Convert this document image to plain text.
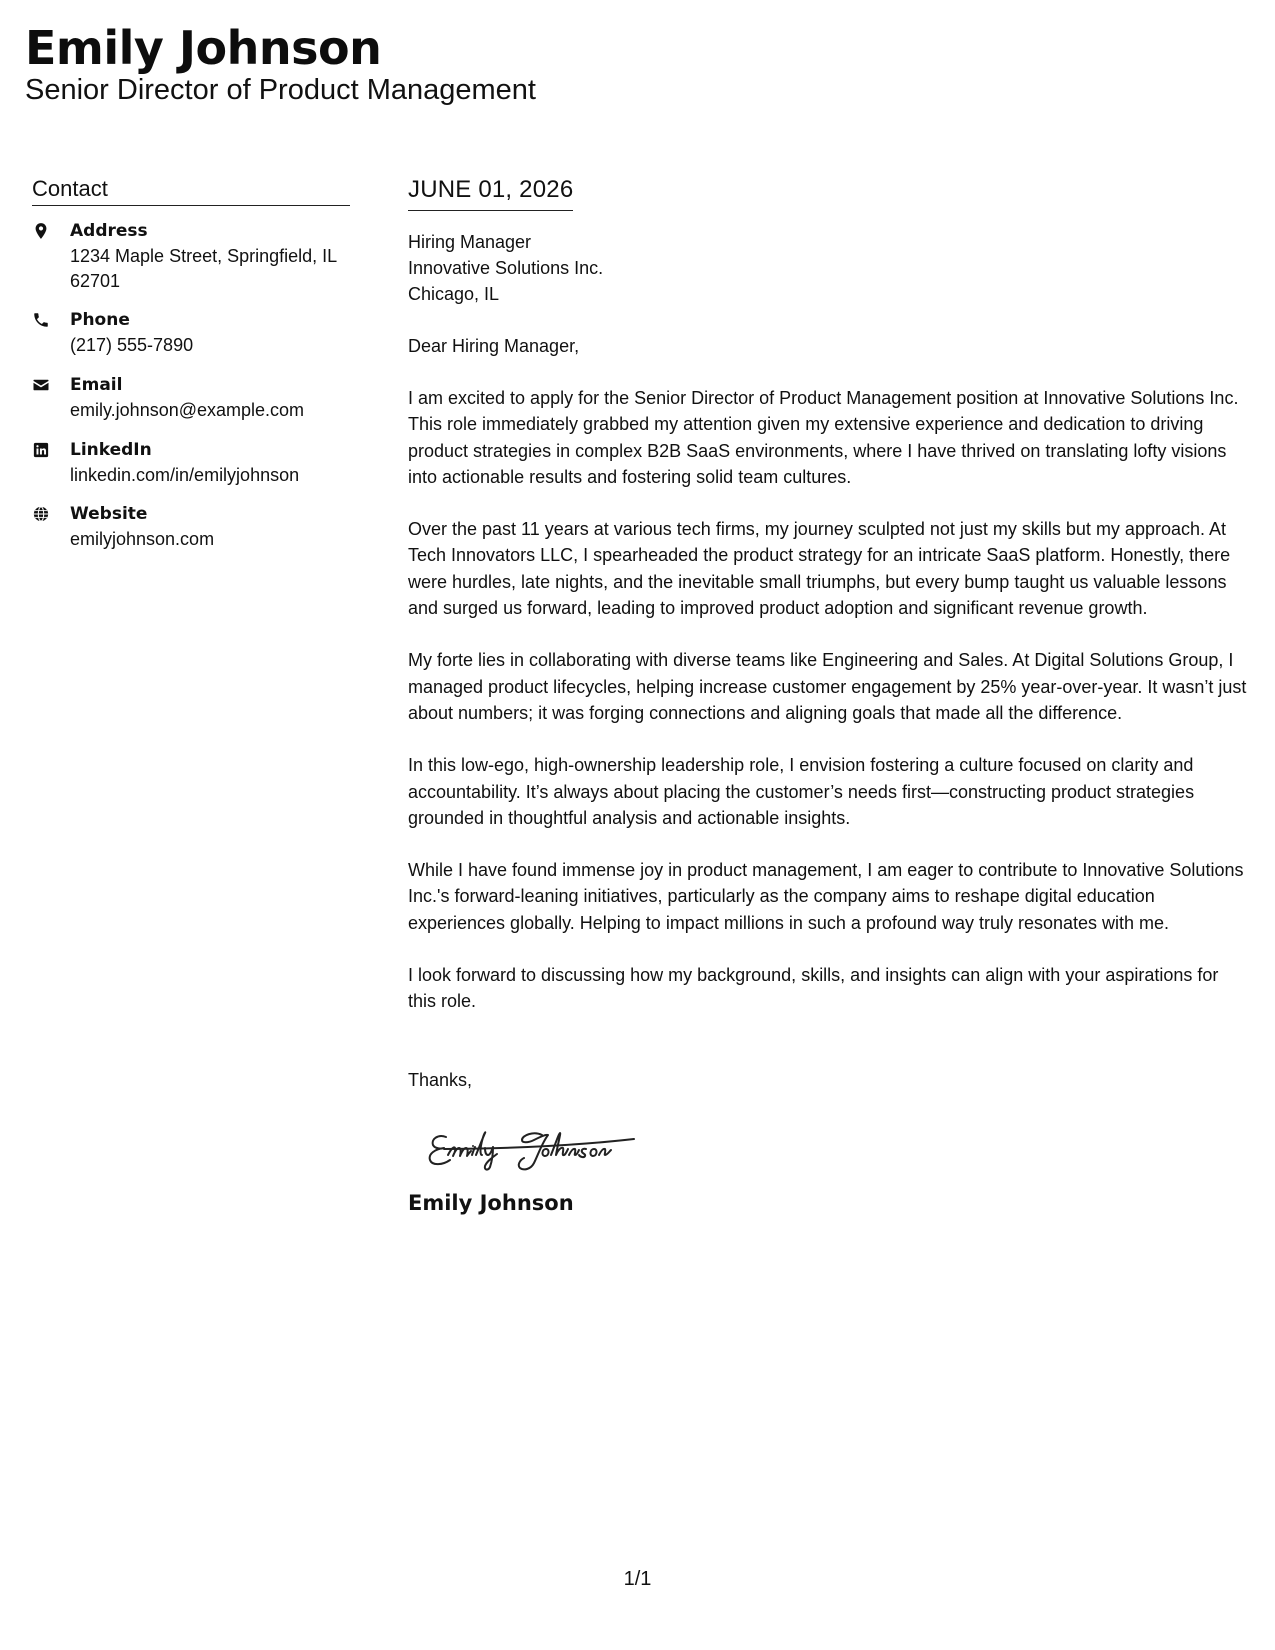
Emily Johnson
Senior Director of Product Management
Contact
Address
1234 Maple Street, Springfield, IL 62701
Phone
(217) 555-7890
Email
emily.johnson@example.com
LinkedIn
linkedin.com/in/emilyjohnson
Website
emilyjohnson.com
JUNE 01, 2026
Hiring Manager
Innovative Solutions Inc.
Chicago, IL
Dear Hiring Manager,

I am excited to apply for the Senior Director of Product Management position at Innovative Solutions Inc. This role immediately grabbed my attention given my extensive experience and dedication to driving product strategies in complex B2B SaaS environments, where I have thrived on translating lofty visions into actionable results and fostering solid team cultures.

Over the past 11 years at various tech firms, my journey sculpted not just my skills but my approach. At Tech Innovators LLC, I spearheaded the product strategy for an intricate SaaS platform. Honestly, there were hurdles, late nights, and the inevitable small triumphs, but every bump taught us valuable lessons and surged us forward, leading to improved product adoption and significant revenue growth.

My forte lies in collaborating with diverse teams like Engineering and Sales. At Digital Solutions Group, I managed product lifecycles, helping increase customer engagement by 25% year-over-year. It wasn’t just about numbers; it was forging connections and aligning goals that made all the difference.

In this low-ego, high-ownership leadership role, I envision fostering a culture focused on clarity and accountability. It’s always about placing the customer’s needs first—constructing product strategies grounded in thoughtful analysis and actionable insights.

While I have found immense joy in product management, I am eager to contribute to Innovative Solutions Inc.'s forward-leaning initiatives, particularly as the company aims to reshape digital education experiences globally. Helping to impact millions in such a profound way truly resonates with me.

I look forward to discussing how my background, skills, and insights can align with your aspirations for this role.

Thanks,
Emily Johnson
1/1
